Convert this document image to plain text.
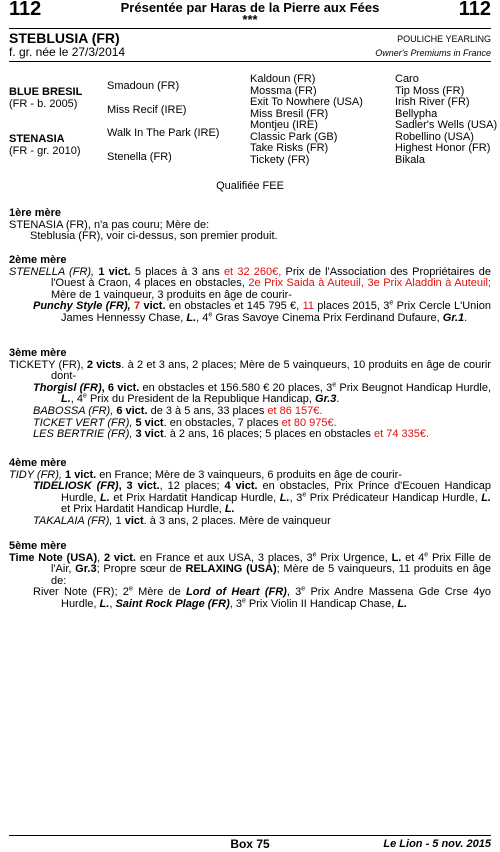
112	Présentée par Haras de la Pierre aux Fées
***	112
STEBLUSIA (FR)
f. gr. née le 27/3/2014
POULICHE YEARLING
Owner's Premiums in France
BLUE BRESIL
(FR - b. 2005)
STENASIA
(FR - gr. 2010)
Smadoun (FR)
Miss Recif (IRE)
Walk In The Park (IRE)
Stenella (FR)
Kaldoun (FR)
Mossma (FR)
Exit To Nowhere (USA)
Miss Bresil (FR)
Montjeu (IRE)
Classic Park (GB)
Take Risks (FR)
Tickety (FR)
Caro
Tip Moss (FR)
Irish River (FR)
Bellypha
Sadler's Wells (USA)
Robellino (USA)
Highest Honor (FR)
Bikala
Qualifiée FEE

1ère mère

STENASIA (FR), n'a pas couru; Mère de:

Steblusia (FR), voir ci-dessus, son premier produit.

2ème mère

STENELLA (FR), 1 vict. 5 places à 3 ans et 32 260€, Prix de l'Association des Propriétaires de l'Ouest à Craon, 4 places en obstacles, 2e Prix Saida à Auteuil, 3e Prix Aladdin à Auteuil; Mère de 1 vainqueur, 3 produits en âge de courir-

Punchy Style (FR), 7 vict. en obstacles et 145 795 €, 11 places 2015, 3e Prix Cercle L'Union James Hennessy Chase, L., 4e Gras Savoye Cinema Prix Ferdinand Dufaure, Gr.1.

3ème mère

TICKETY (FR), 2 victs. à 2 et 3 ans, 2 places; Mère de 5 vainqueurs, 10 produits en âge de courir dont-

Thorgisl (FR), 6 vict. en obstacles et 156.580 € 20 places, 3e Prix Beugnot Handicap Hurdle, L., 4e Prix du President de la Republique Handicap, Gr.3.

BABOSSA (FR), 6 vict. de 3 à 5 ans, 33 places et 86 157€.

TICKET VERT (FR), 5 vict. en obstacles, 7 places et 80 975€.

LES BERTRIE (FR), 3 vict. à 2 ans, 16 places; 5 places en obstacles et 74 335€.

4ème mère

TIDY (FR), 1 vict. en France; Mère de 3 vainqueurs, 6 produits en âge de courir-

TIDELIOSK (FR), 3 vict., 12 places; 4 vict. en obstacles, Prix Prince d'Ecouen Handicap Hurdle, L. et Prix Hardatit Handicap Hurdle, L., 3e Prix Prédicateur Handicap Hurdle, L. et Prix Hardatit Handicap Hurdle, L.

TAKALAIA (FR), 1 vict. à 3 ans, 2 places. Mère de vainqueur

5ème mère

Time Note (USA), 2 vict. en France et aux USA, 3 places, 3e Prix Urgence, L. et 4e Prix Fille de l'Air, Gr.3; Propre sœur de RELAXING (USA); Mère de 5 vainqueurs, 11 produits en âge de:

River Note (FR); 2e Mère de Lord of Heart (FR), 3e Prix Andre Massena Gde Crse 4yo Hurdle, L., Saint Rock Plage (FR), 3e Prix Violin II Handicap Chase, L.

Box 75	Le Lion - 5 nov. 2015
